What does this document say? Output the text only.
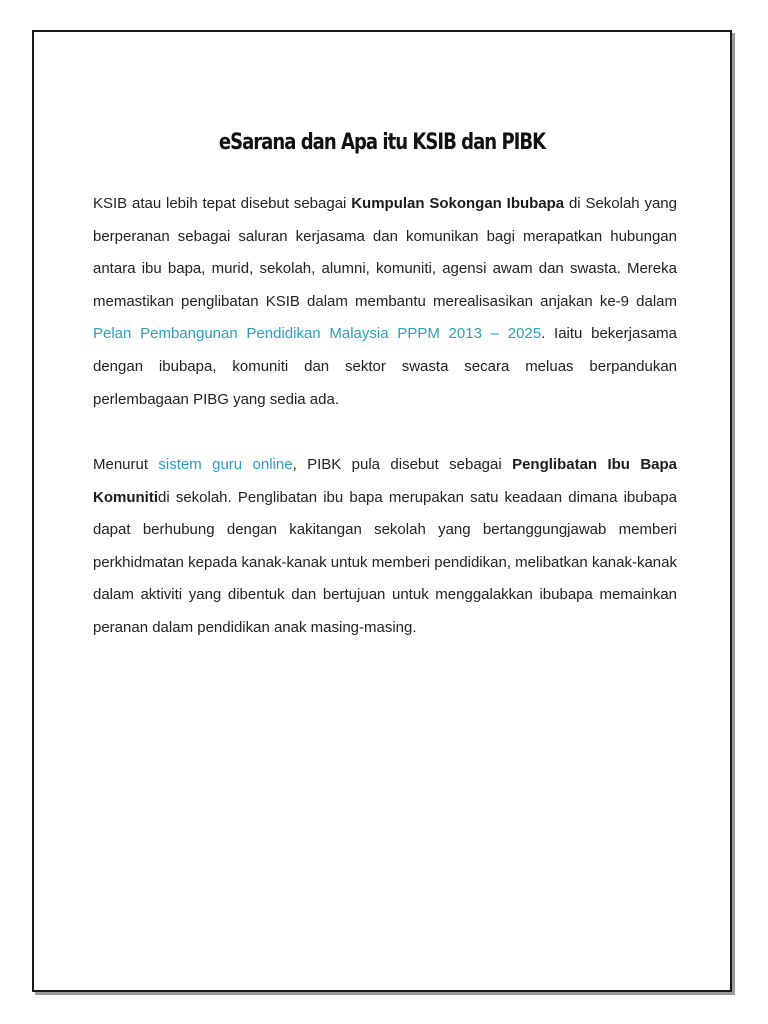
eSarana dan Apa itu KSIB dan PIBK

KSIB atau lebih tepat disebut sebagai Kumpulan Sokongan Ibubapa di Sekolah yang berperanan sebagai saluran kerjasama dan komunikan bagi merapatkan hubungan antara ibu bapa, murid, sekolah, alumni, komuniti, agensi awam dan swasta. Mereka memastikan penglibatan KSIB dalam membantu merealisasikan anjakan ke-9 dalam Pelan Pembangunan Pendidikan Malaysia PPPM 2013 – 2025. Iaitu bekerjasama dengan ibubapa, komuniti dan sektor swasta secara meluas berpandukan perlembagaan PIBG yang sedia ada.

Menurut sistem guru online, PIBK pula disebut sebagai Penglibatan Ibu Bapa Komunitidi sekolah. Penglibatan ibu bapa merupakan satu keadaan dimana ibubapa dapat berhubung dengan kakitangan sekolah yang bertanggungjawab memberi perkhidmatan kepada kanak-kanak untuk memberi pendidikan, melibatkan kanak-kanak dalam aktiviti yang dibentuk dan bertujuan untuk menggalakkan ibubapa memainkan peranan dalam pendidikan anak masing-masing.
